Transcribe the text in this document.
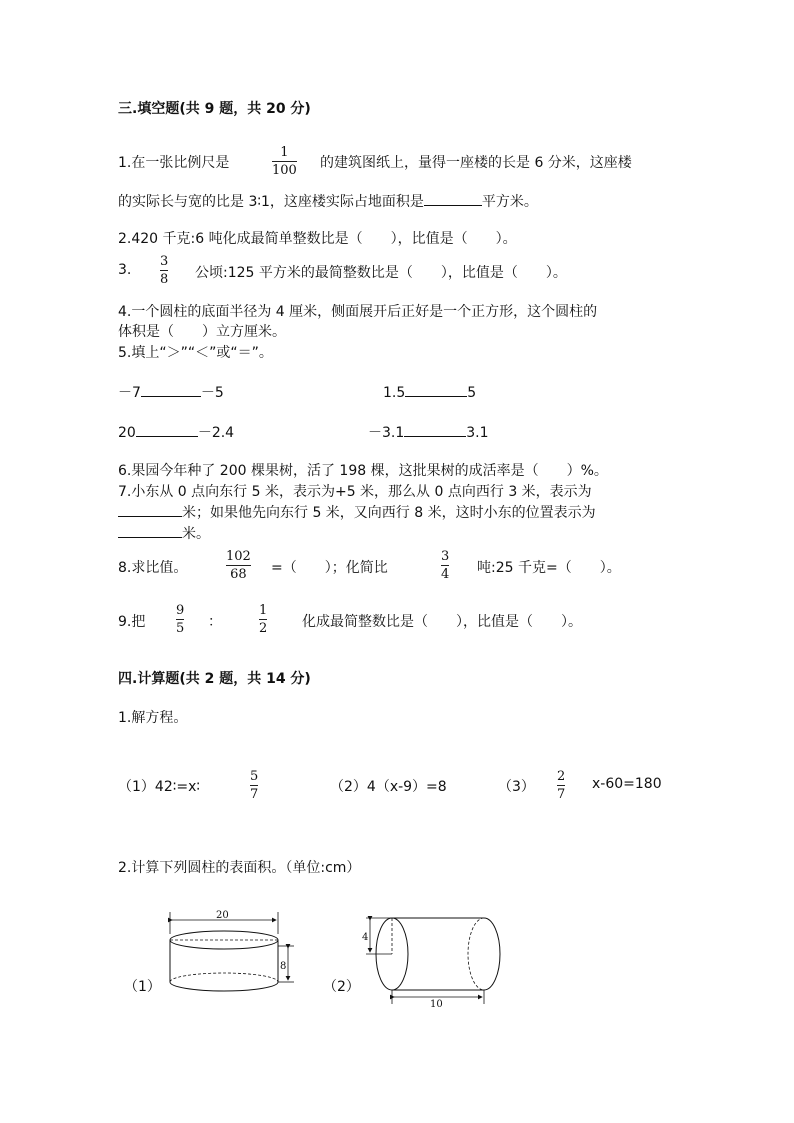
三.填空题(共 9 题，共 20 分)
1.在一张比例尺是
1
100 的建筑图纸上，量得一座楼的长是 6 分米，这座楼
的实际长与宽的比是 3∶1，这座楼实际占地面积是	平方米。
2.420 千克:6 吨化成最简单整数比是（　　），比值是（　　）。
3.
3
8 公顷:125 平方米的最简整数比是（　　），比值是（　　）。
4.一个圆柱的底面半径为 4 厘米，侧面展开后正好是一个正方形，这个圆柱的
体积是（　　）立方厘米。
5.填上“＞”“＜”或“＝”。
－7	－5	1.5	5
20	－2.4	－3.1	3.1
6.果园今年种了 200 棵果树，活了 198 棵，这批果树的成活率是（　　）%。
7.小东从 0 点向东行 5 米，表示为+5 米，那么从 0 点向西行 3 米，表示为
米；如果他先向东行 5 米，又向西行 8 米，这时小东的位置表示为
米。
8.求比值。
102
68 =（　　）；化简比
3
4 吨:25 千克=（　　）。
9.把
9
5 ：
1
2 化成最简整数比是（　　），比值是（　　）。
四.计算题(共 2 题，共 14 分)
1.解方程。
（1）42∶=x∶
5
7	（2）4（x-9）=8	（3）
2
7
x-60=180
2.计算下列圆柱的表面积。（单位:cm）
（1）	（2）
20
8
4
10
